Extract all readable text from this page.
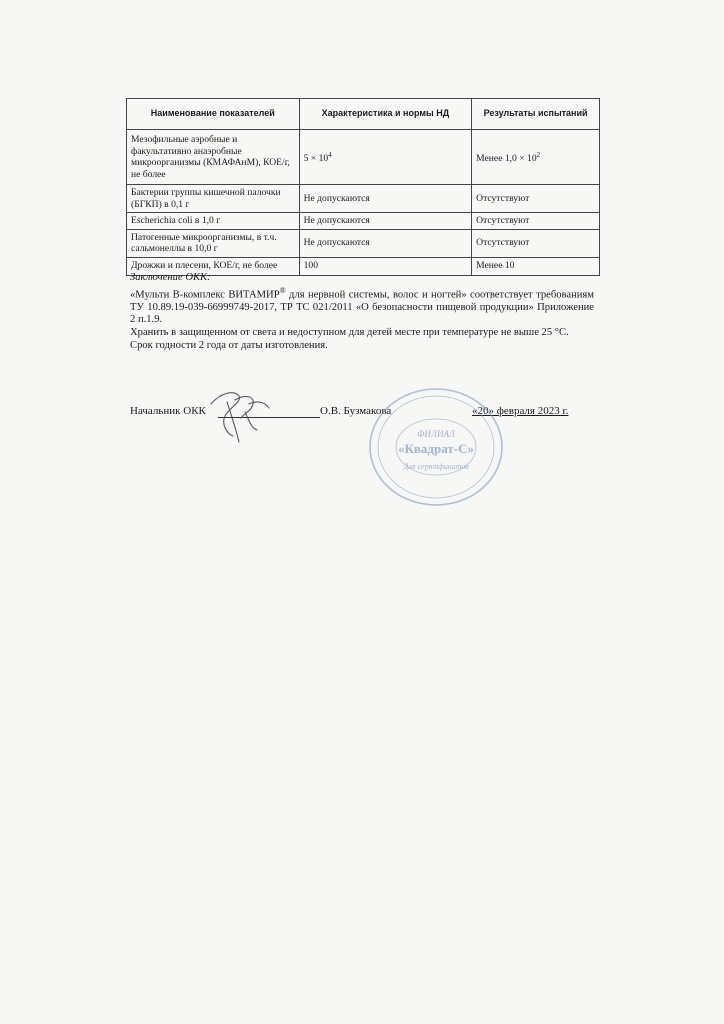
Наименование показателей	Характеристика и нормы НД	Результаты испытаний
Мезофильные аэробные и факультативно анаэробные микроорганизмы (КМАФАнМ), КОЕ/г, не более	$5 \times 10^4$	Менее $1,0 \times 10^2$
Бактерии группы кишечной палочки (БГКП) в 0,1 г	Не допускаются	Отсутствуют
Escherichia coli в 1,0 г	Не допускаются	Отсутствуют
Патогенные микроорганизмы, в т.ч. сальмонеллы в 10,0 г	Не допускаются	Отсутствуют
Дрожжи и плесени, КОЕ/г, не более	100	Менее 10

Заключение ОКК:

«Мульти В-комплекс ВИТАМИР® для нервной системы, волос и ногтей» соответствует требованиям ТУ 10.89.19-039-66999749-2017, ТР ТС 021/2011 «О безопасности пищевой продукции» Приложение 2 п.1.9.

Хранить в защищенном от света и недоступном для детей месте при температуре не выше 25 °С.

Срок годности 2 года от даты изготовления.

Начальник ОКК	О.В. Бузмакова	«20» февраля 2023 г.
ФИЛИАЛ
«Квадрат-С»
Для сертификатов
